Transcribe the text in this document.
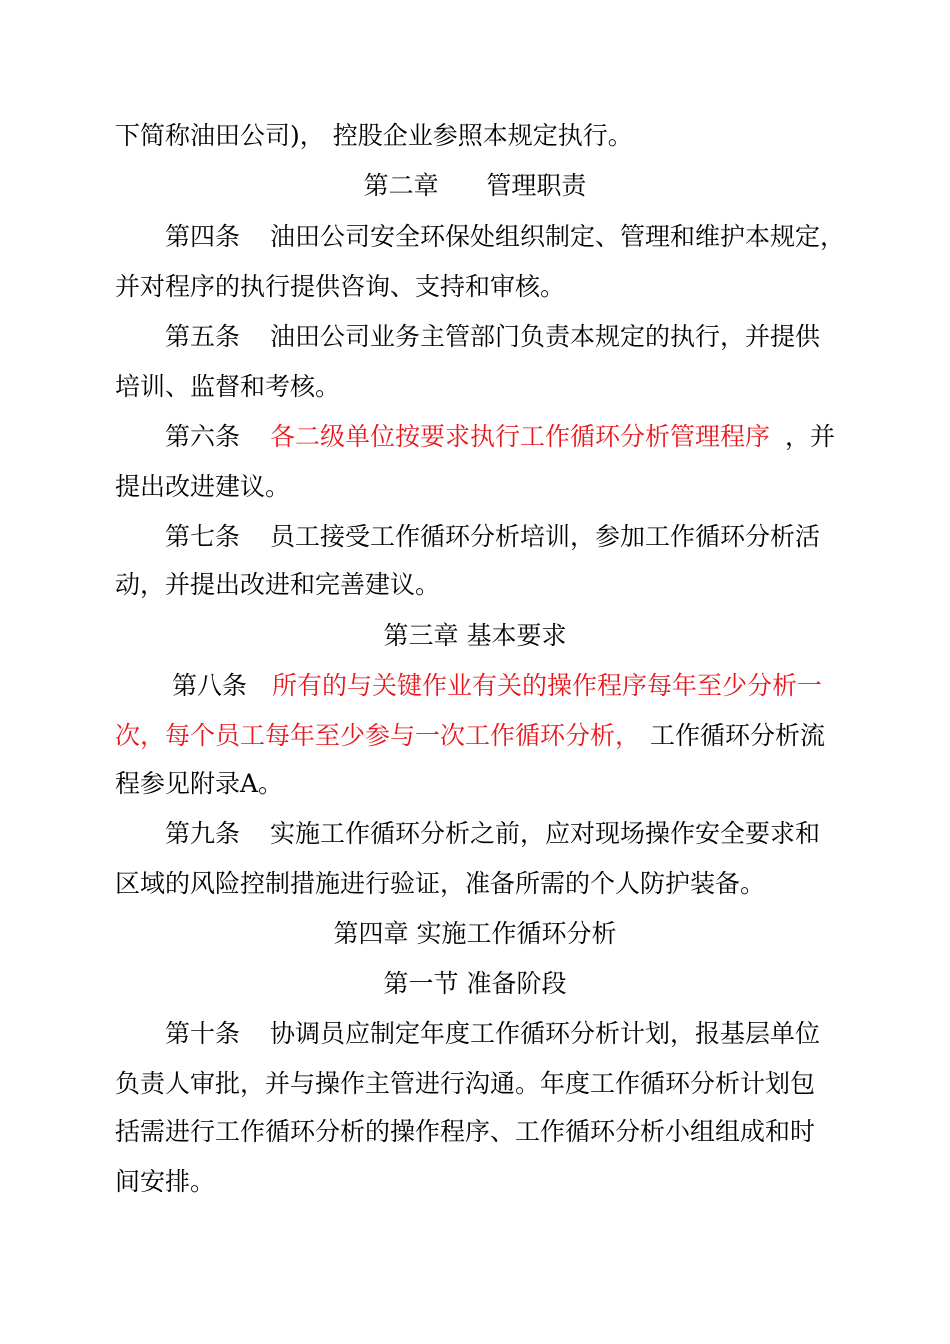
下简称油田公司)， 控股企业参照本规定执行。
第二章      管理职责
第四条 油田公司安全环保处组织制定、管理和维护本规定，
并对程序的执行提供咨询、支持和审核。
第五条 油田公司业务主管部门负责本规定的执行，并提供
培训、监督和考核。
第六条 各二级单位按要求执行工作循环分析管理程序 ，并
提出改进建议。
第七条 员工接受工作循环分析培训，参加工作循环分析活
动，并提出改进和完善建议。
第三章 基本要求
第八条 所有的与关键作业有关的操作程序每年至少分析一
次，每个员工每年至少参与一次工作循环分析， 工作循环分析流
程参见附录A。
第九条 实施工作循环分析之前，应对现场操作安全要求和
区域的风险控制措施进行验证，准备所需的个人防护装备。
第四章 实施工作循环分析
第一节 准备阶段
第十条 协调员应制定年度工作循环分析计划，报基层单位
负责人审批，并与操作主管进行沟通。年度工作循环分析计划包
括需进行工作循环分析的操作程序、工作循环分析小组组成和时
间安排。
